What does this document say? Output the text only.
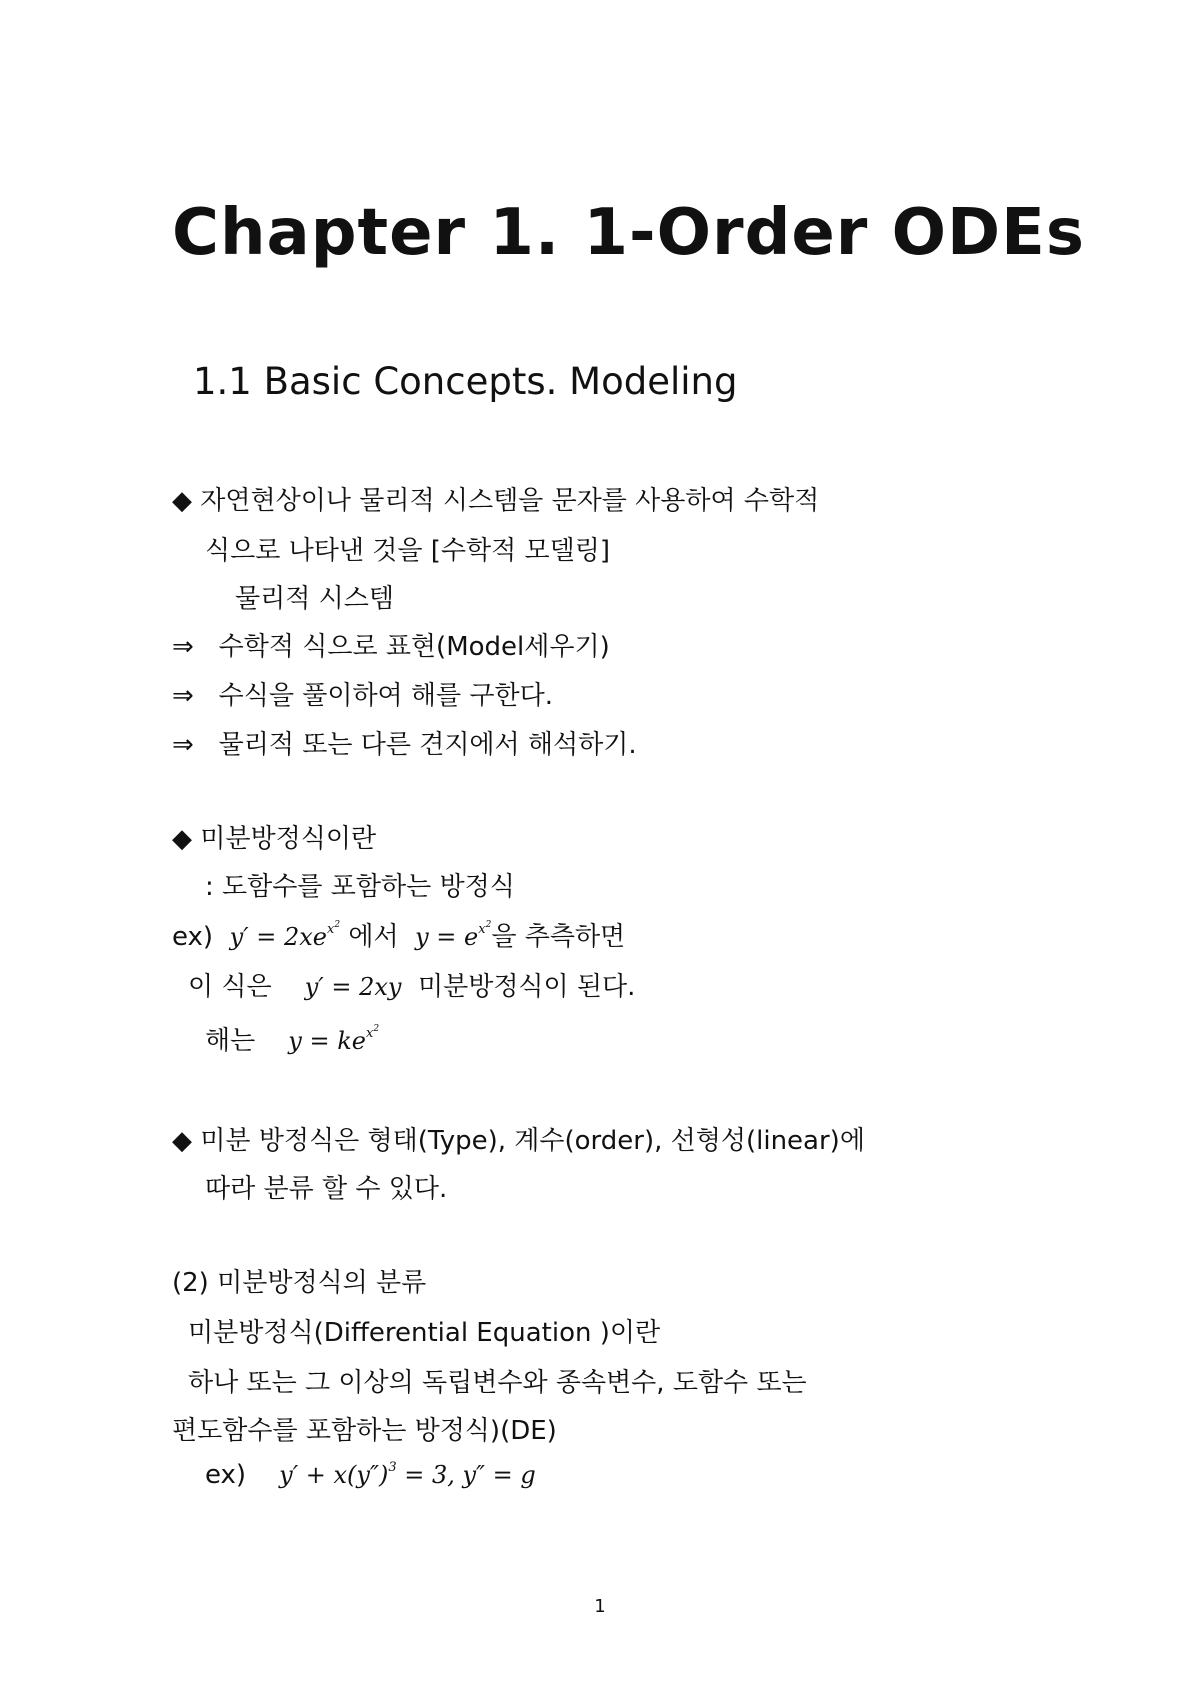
Chapter 1. 1-Order ODEs
1.1 Basic Concepts. Modeling
◆ 자연현상이나 물리적 시스템을 문자를 사용하여 수학적
식으로 나타낸 것을 [수학적 모델링]
물리적 시스템
⇒ 수학적 식으로 표현(Model세우기)
⇒ 수식을 풀이하여 해를 구한다.
⇒ 물리적 또는 다른 견지에서 해석하기.
◆ 미분방정식이란
: 도함수를 포함하는 방정식
ex) $y' = 2xe^{x^2}$ 에서 $y = e^{x^2}$을 추측하면
이 식은 y′ = 2xy 미분방정식이 된다.
해는 $y = ke^{x^2}$
◆ 미분 방정식은 형태(Type), 계수(order), 선형성(linear)에
따라 분류 할 수 있다.
(2) 미분방정식의 분류
미분방정식(Differential Equation )이란
하나 또는 그 이상의 독립변수와 종속변수, 도함수 또는
편도함수를 포함하는 방정식)(DE)
ex) $y' + x(y'')^3 = 3$, y″ = g
1
